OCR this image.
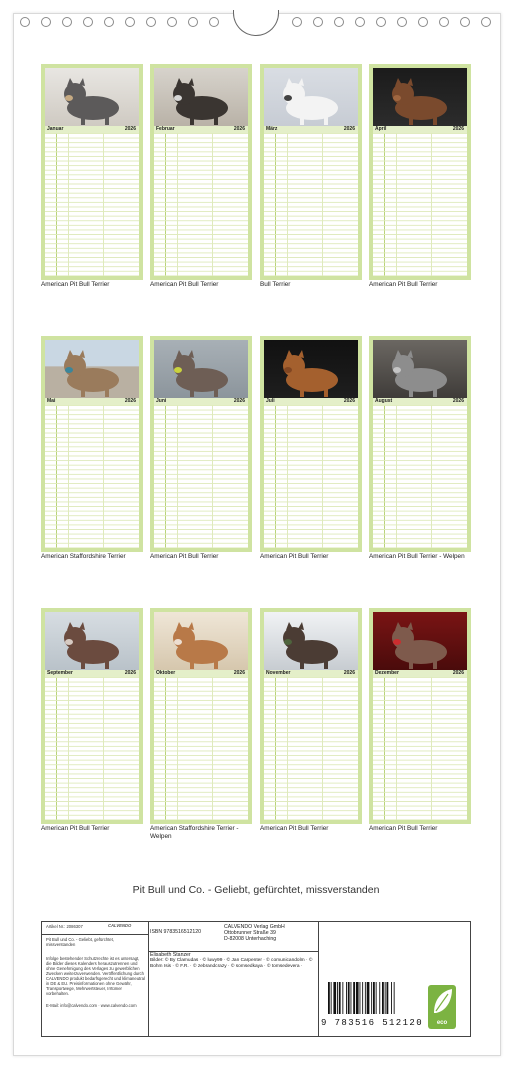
Januar	2026
American Pit Bull Terrier
Februar	2026
American Pit Bull Terrier
März	2026
Bull Terrier
April	2026
American Pit Bull Terrier
Mai	2026
American Staffordshire Terrier
Juni	2026
American Pit Bull Terrier
Juli	2026
American Pit Bull Terrier
August	2026
American Pit Bull Terrier - Welpen
September	2026
American Pit Bull Terrier
Oktober	2026
American Staffordshire Terrier - Welpen
November	2026
American Pit Bull Terrier
Dezember	2026
American Pit Bull Terrier
Pit Bull und Co. - Geliebt, gefürchtet, missverstanden
Artikel Nr.: 2086307	CALVENDO
Pit Bull und Co. - Geliebt, gefürchtet, missverstanden
Infolge bestehender Schutzrechte ist es untersagt, die Bilder dieses Kalenders herauszutrennen und ohne Genehmigung des Verlages zu gewerblichen Zwecken weiterzuverwenden. Veröffentlichung durch CALVENDO produkt bedarfsgerecht und klimaneutral in DE & EU. Preisinformationen ohne Gewähr, Transportwege, Mehrwertsteuer, Irrtümer vorbehalten.
E-Mail: info@calvendo.com · www.calvendo.com
ISBN 9783516512120
CALVENDO Verlag GmbH
Ottobrunner Straße 39
D-82008 Unterhaching
Elisabeth Stanzer
Bilder: © By Clamudas · © luwy99 · © Jan Carpenter · © comunicandolm · © Bohm Isis · © F.R. · © zebrandcrazy · © somsedkaya · © tomsedevera ·
9 783516 512120	eco
